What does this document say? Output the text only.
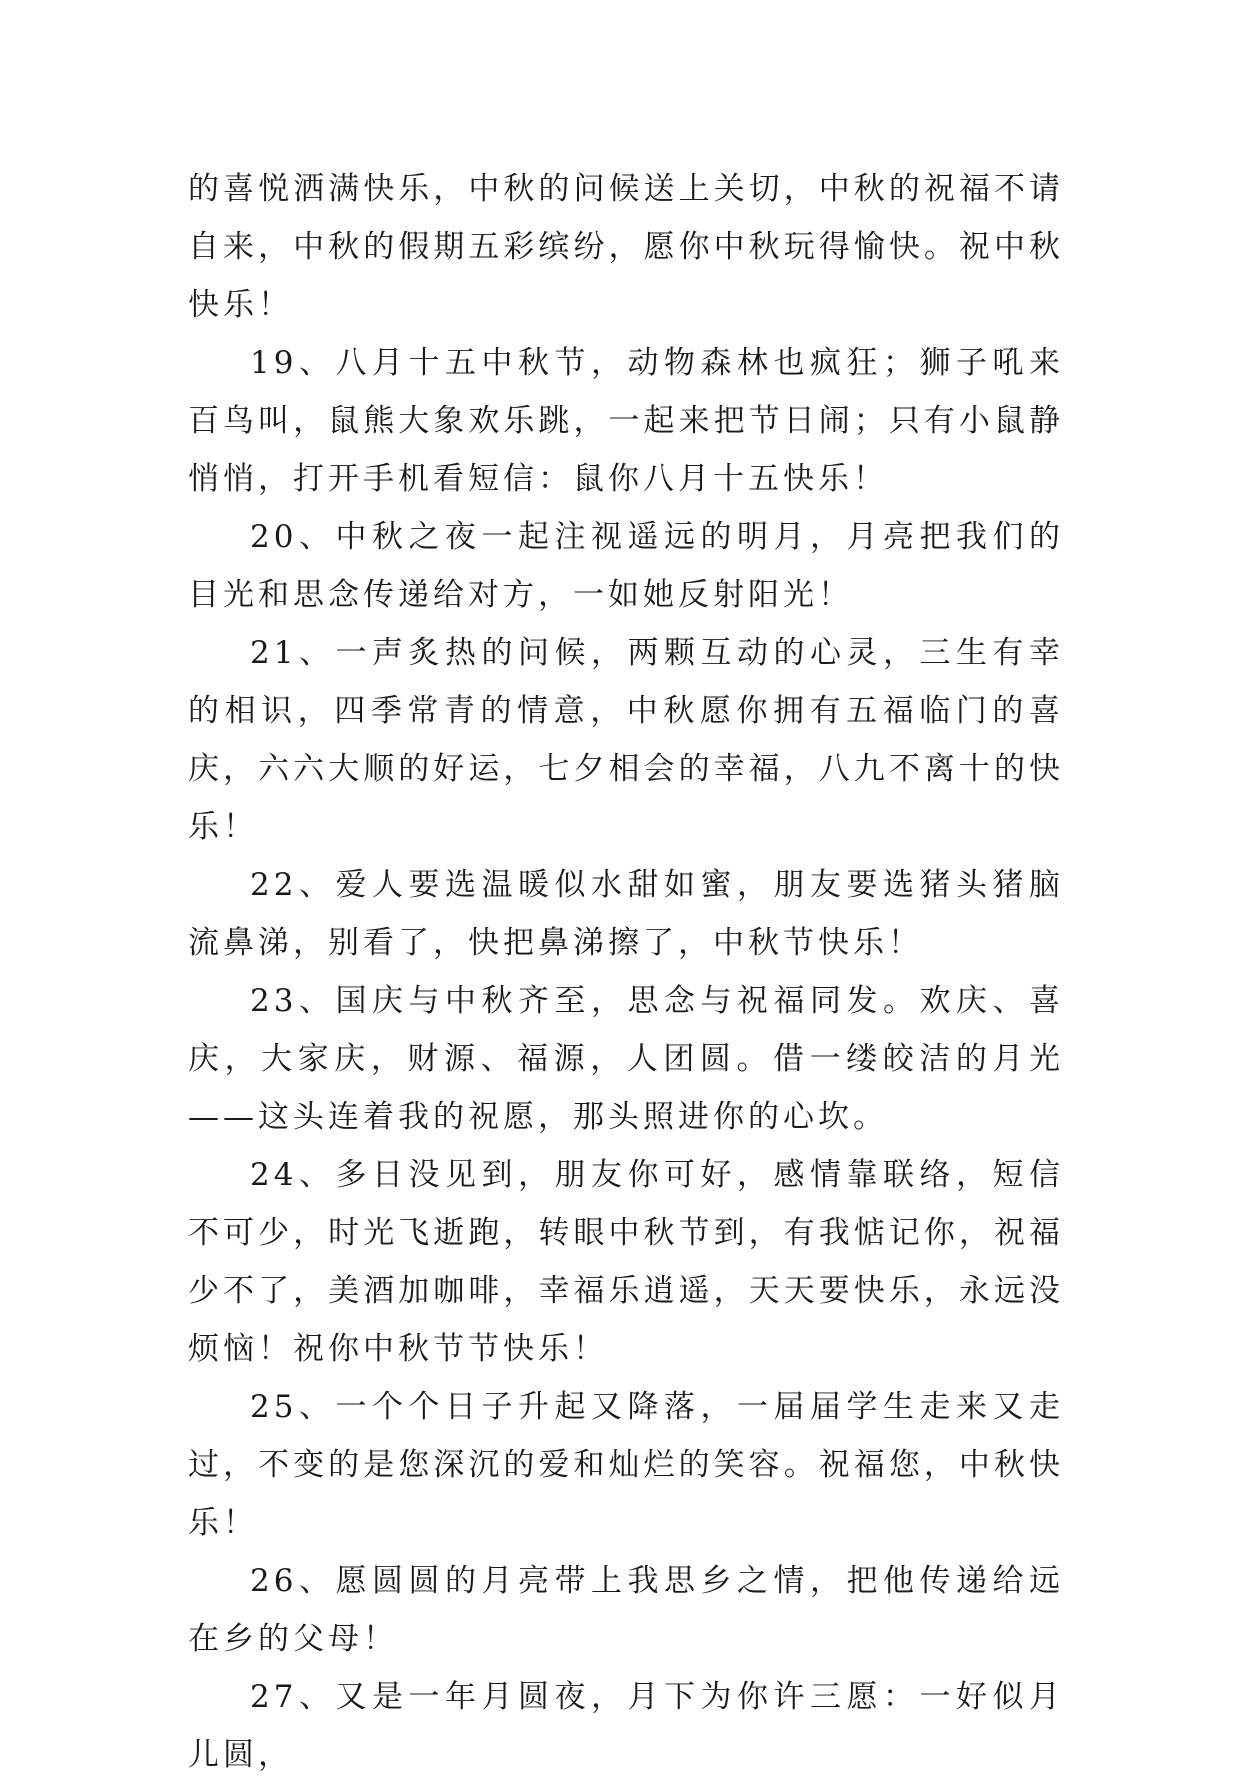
的喜悦洒满快乐，中秋的问候送上关切，中秋的祝福不请自来，中秋的假期五彩缤纷，愿你中秋玩得愉快。祝中秋快乐！

19、八月十五中秋节，动物森林也疯狂；狮子吼来百鸟叫，鼠熊大象欢乐跳，一起来把节日闹；只有小鼠静悄悄，打开手机看短信：鼠你八月十五快乐！

20、中秋之夜一起注视遥远的明月，月亮把我们的目光和思念传递给对方，一如她反射阳光！

21、一声炙热的问候，两颗互动的心灵，三生有幸的相识，四季常青的情意，中秋愿你拥有五福临门的喜庆，六六大顺的好运，七夕相会的幸福，八九不离十的快乐！

22、爱人要选温暖似水甜如蜜，朋友要选猪头猪脑流鼻涕，别看了，快把鼻涕擦了，中秋节快乐！

23、国庆与中秋齐至，思念与祝福同发。欢庆、喜庆，大家庆，财源、福源，人团圆。借一缕皎洁的月光——这头连着我的祝愿，那头照进你的心坎。

24、多日没见到，朋友你可好，感情靠联络，短信不可少，时光飞逝跑，转眼中秋节到，有我惦记你，祝福少不了，美酒加咖啡，幸福乐逍遥，天天要快乐，永远没烦恼！祝你中秋节节快乐！

25、一个个日子升起又降落，一届届学生走来又走过，不变的是您深沉的爱和灿烂的笑容。祝福您，中秋快乐！

26、愿圆圆的月亮带上我思乡之情，把他传递给远在乡的父母！

27、又是一年月圆夜，月下为你许三愿：一好似月儿圆，
